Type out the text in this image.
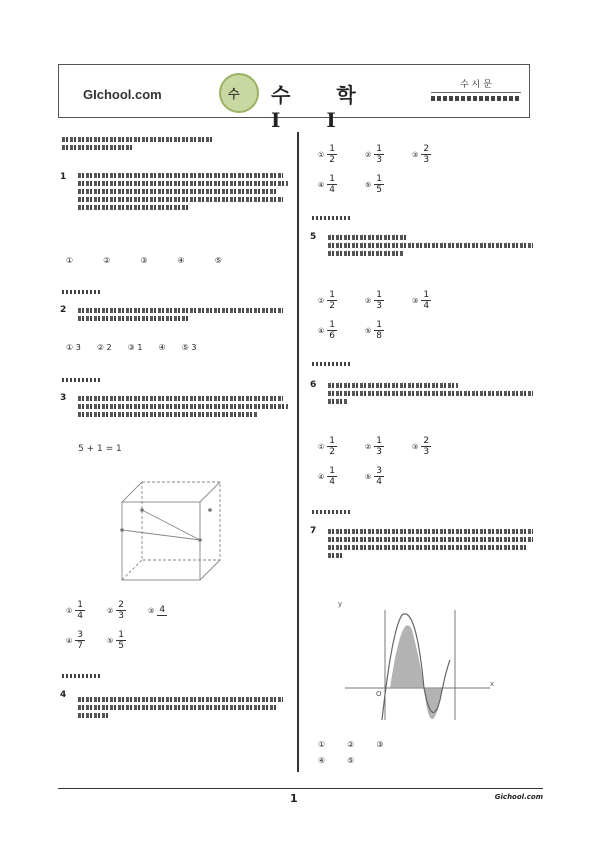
GIchool.com	수 수학 II
수 시 문
1
①	②	③	④	⑤
2
① 3 ② 2 ③ 1 ④ ⑤ 3
3
5 + 1 = 1
① $\frac{1}{4}$	② $\frac{2}{3}$	③ 4
④ $\frac{3}{7}$	⑤ $\frac{1}{5}$
4
① $\frac{1}{2}$	② $\frac{1}{3}$	③ $\frac{2}{3}$
④ $\frac{1}{4}$	⑤ $\frac{1}{5}$
5
① $\frac{1}{2}$	② $\frac{1}{3}$	③ $\frac{1}{4}$
④ $\frac{1}{6}$	⑤ $\frac{1}{8}$
6
① $\frac{1}{2}$	② $\frac{1}{3}$	③ $\frac{2}{3}$
④ $\frac{1}{4}$	⑤ $\frac{3}{4}$
7
y
x
O
①	②	③
④	⑤
1	Gichool.com
